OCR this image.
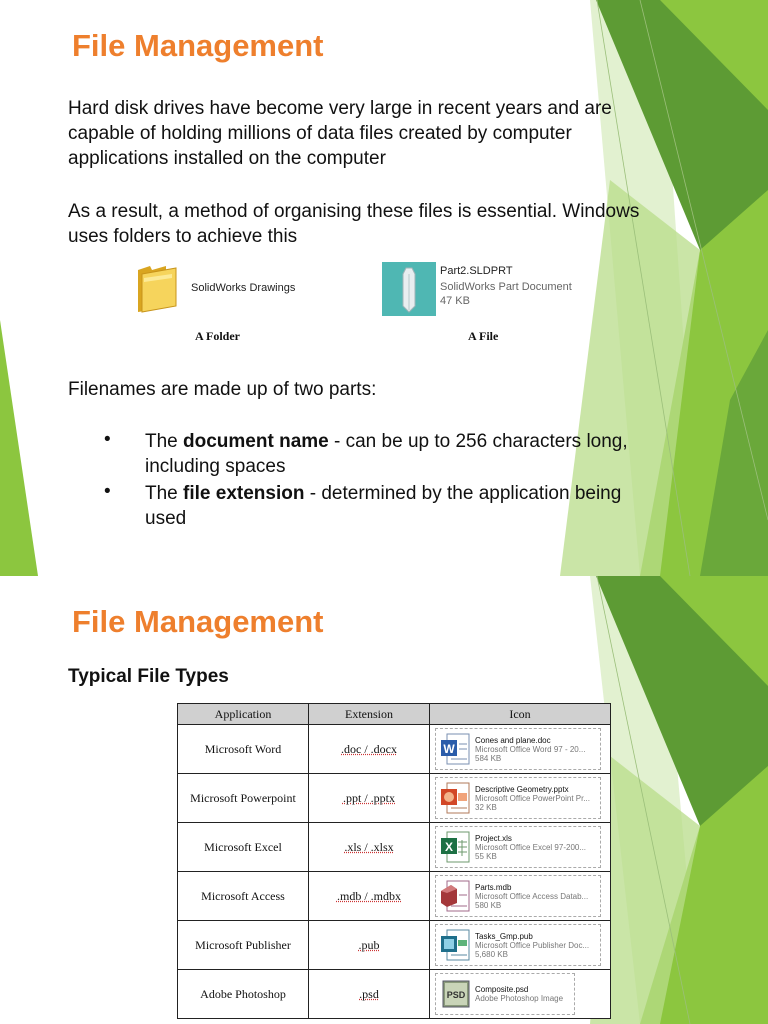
File Management
Hard disk drives have become very large in recent years and are capable of holding millions of data files created by computer applications installed on the computer
As a result, a method of organising these files is essential. Windows uses folders to achieve this
SolidWorks Drawings
A Folder
Part2.SLDPRT
SolidWorks Part Document
47 KB
A File
Filenames are made up of two parts:
• The document name - can be up to 256 characters long, including spaces
• The file extension - determined by the application being used
File Management
Typical File Types
Application	Extension	Icon
Microsoft Word	.doc / .docx	W
Cones and plane.doc
Microsoft Office Word 97 - 20...
584 KB

Microsoft Powerpoint	.ppt / .pptx	Descriptive Geometry.pptx
Microsoft Office PowerPoint Pr...
32 KB

Microsoft Excel	.xls / .xlsx	X
Project.xls
Microsoft Office Excel 97-200...
55 KB

Microsoft Access	.mdb / .mdbx	Parts.mdb
Microsoft Office Access Datab...
580 KB

Microsoft Publisher	.pub	Tasks_Gmp.pub
Microsoft Office Publisher Doc...
5,680 KB

Adobe Photoshop	.psd	PSD
Composite.psd
Adobe Photoshop Image
